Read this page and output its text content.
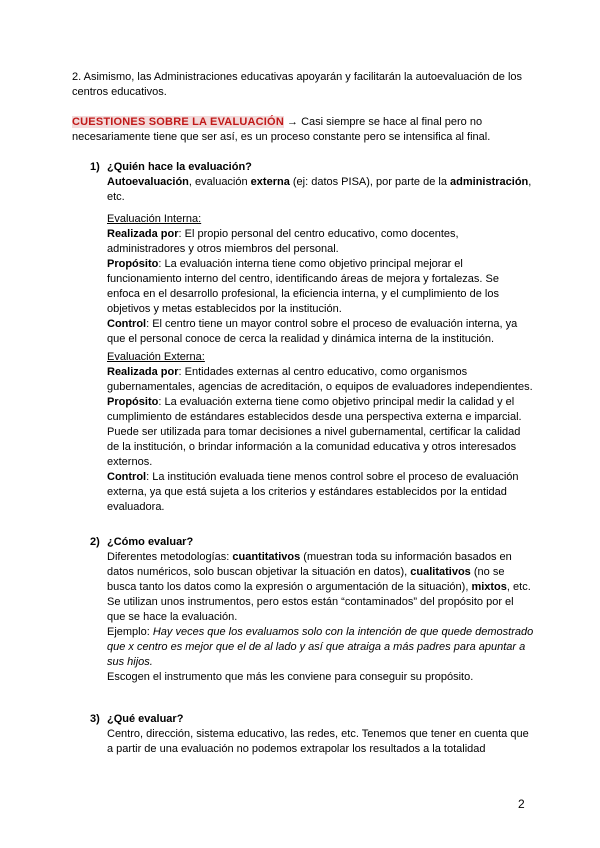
2. Asimismo, las Administraciones educativas apoyarán y facilitarán la autoevaluación de los centros educativos.

CUESTIONES SOBRE LA EVALUACIÓN → Casi siempre se hace al final pero no necesariamente tiene que ser así, es un proceso constante pero se intensifica al final.

1) ¿Quién hace la evaluación?

Autoevaluación, evaluación externa (ej: datos PISA), por parte de la administración, etc.

Evaluación Interna:

Realizada por: El propio personal del centro educativo, como docentes, administradores y otros miembros del personal.

Propósito: La evaluación interna tiene como objetivo principal mejorar el funcionamiento interno del centro, identificando áreas de mejora y fortalezas. Se enfoca en el desarrollo profesional, la eficiencia interna, y el cumplimiento de los objetivos y metas establecidos por la institución.

Control: El centro tiene un mayor control sobre el proceso de evaluación interna, ya que el personal conoce de cerca la realidad y dinámica interna de la institución.

Evaluación Externa:

Realizada por: Entidades externas al centro educativo, como organismos gubernamentales, agencias de acreditación, o equipos de evaluadores independientes.

Propósito: La evaluación externa tiene como objetivo principal medir la calidad y el cumplimiento de estándares establecidos desde una perspectiva externa e imparcial. Puede ser utilizada para tomar decisiones a nivel gubernamental, certificar la calidad de la institución, o brindar información a la comunidad educativa y otros interesados externos.

Control: La institución evaluada tiene menos control sobre el proceso de evaluación externa, ya que está sujeta a los criterios y estándares establecidos por la entidad evaluadora.

2) ¿Cómo evaluar?

Diferentes metodologías: cuantitativos (muestran toda su información basados en datos numéricos, solo buscan objetivar la situación en datos), cualitativos (no se busca tanto los datos como la expresión o argumentación de la situación), mixtos, etc.

Se utilizan unos instrumentos, pero estos están “contaminados” del propósito por el que se hace la evaluación.

Ejemplo: Hay veces que los evaluamos solo con la intención de que quede demostrado que x centro es mejor que el de al lado y así que atraiga a más padres para apuntar a sus hijos.

Escogen el instrumento que más les conviene para conseguir su propósito.

3) ¿Qué evaluar?

Centro, dirección, sistema educativo, las redes, etc. Tenemos que tener en cuenta que a partir de una evaluación no podemos extrapolar los resultados a la totalidad

2
